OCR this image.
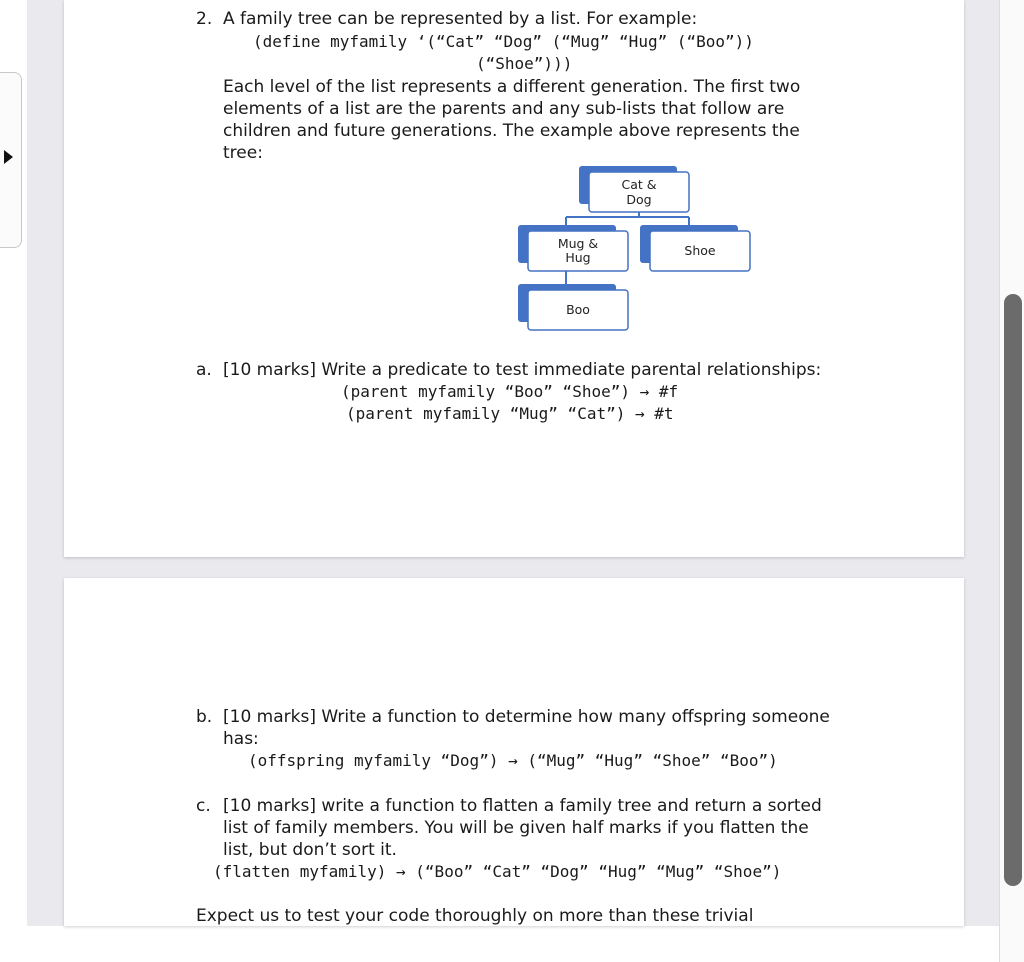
2. A family tree can be represented by a list. For example:
(define myfamily ‘(“Cat” “Dog” (“Mug” “Hug” (“Boo”))
(“Shoe”)))
Each level of the list represents a different generation. The first two
elements of a list are the parents and any sub-lists that follow are
children and future generations. The example above represents the
tree:
Cat &
Dog
Mug &
Hug	Shoe
Boo
a. [10 marks] Write a predicate to test immediate parental relationships:
(parent myfamily “Boo” “Shoe”) → #f
(parent myfamily “Mug” “Cat”) → #t
b. [10 marks] Write a function to determine how many offspring someone
has:
(offspring myfamily “Dog”) → (“Mug” “Hug” “Shoe” “Boo”)
c. [10 marks] write a function to flatten a family tree and return a sorted
list of family members. You will be given half marks if you flatten the
list, but don’t sort it.
(flatten myfamily) → (“Boo” “Cat” “Dog” “Hug” “Mug” “Shoe”)
Expect us to test your code thoroughly on more than these trivial
